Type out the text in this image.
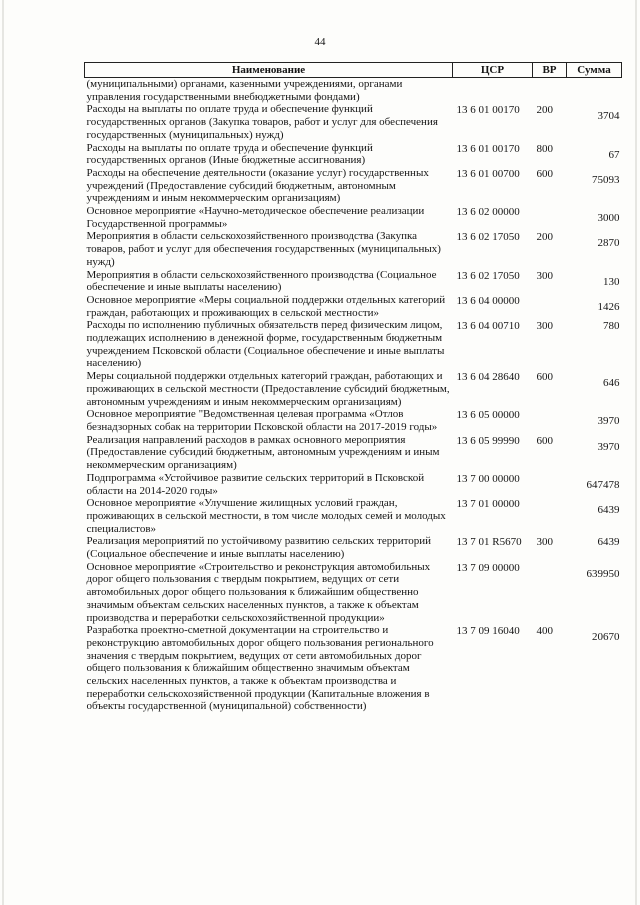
44
Наименование	ЦСР	ВР	Сумма
(муниципальными) органами, казенными учреждениями, органами управления государственными внебюджетными фондами)			
Расходы на выплаты по оплате труда и обеспечение функций государственных органов (Закупка товаров, работ и услуг для обеспечения государственных (муниципальных) нужд)	13 6 01 00170	200	3704
Расходы на выплаты по оплате труда и обеспечение функций государственных органов (Иные бюджетные ассигнования)	13 6 01 00170	800	67
Расходы на обеспечение деятельности (оказание услуг) государственных учреждений (Предоставление субсидий бюджетным, автономным учреждениям и иным некоммерческим организациям)	13 6 01 00700	600	75093
Основное мероприятие «Научно-методическое обеспечение реализации Государственной программы»	13 6 02 00000		3000
Мероприятия в области сельскохозяйственного производства (Закупка товаров, работ и услуг для обеспечения государственных (муниципальных) нужд)	13 6 02 17050	200	2870
Мероприятия в области сельскохозяйственного производства (Социальное обеспечение и иные выплаты населению)	13 6 02 17050	300	130
Основное мероприятие «Меры социальной поддержки отдельных категорий граждан, работающих и проживающих в сельской местности»	13 6 04 00000		1426
Расходы по исполнению публичных обязательств перед физическим лицом, подлежащих исполнению в денежной форме, государственным бюджетным учреждением Псковской области (Социальное обеспечение и иные выплаты населению)	13 6 04 00710	300	780
Меры социальной поддержки отдельных категорий граждан, работающих и проживающих в сельской местности (Предоставление субсидий бюджетным, автономным учреждениям и иным некоммерческим организациям)	13 6 04 28640	600	646
Основное мероприятие "Ведомственная целевая программа «Отлов безнадзорных собак на территории Псковской области на 2017-2019 годы»	13 6 05 00000		3970
Реализация направлений расходов в рамках основного мероприятия (Предоставление субсидий бюджетным, автономным учреждениям и иным некоммерческим организациям)	13 6 05 99990	600	3970
Подпрограмма «Устойчивое развитие сельских территорий в Псковской области на 2014-2020 годы»	13 7 00 00000		647478
Основное мероприятие «Улучшение жилищных условий граждан, проживающих в сельской местности, в том числе молодых семей и молодых специалистов»	13 7 01 00000		6439
Реализация мероприятий по устойчивому развитию сельских территорий (Социальное обеспечение и иные выплаты населению)	13 7 01 R5670	300	6439
Основное мероприятие «Строительство и реконструкция автомобильных дорог общего пользования с твердым покрытием, ведущих от сети автомобильных дорог общего пользования к ближайшим общественно значимым объектам сельских населенных пунктов, а также к объектам производства и переработки сельскохозяйственной продукции»	13 7 09 00000		639950
Разработка проектно-сметной документации на строительство и реконструкцию автомобильных дорог общего пользования регионального значения с твердым покрытием, ведущих от сети автомобильных дорог общего пользования к ближайшим общественно значимым объектам сельских населенных пунктов, а также к объектам производства и переработки сельскохозяйственной продукции (Капитальные вложения в объекты государственной (муниципальной) собственности)	13 7 09 16040	400	20670
